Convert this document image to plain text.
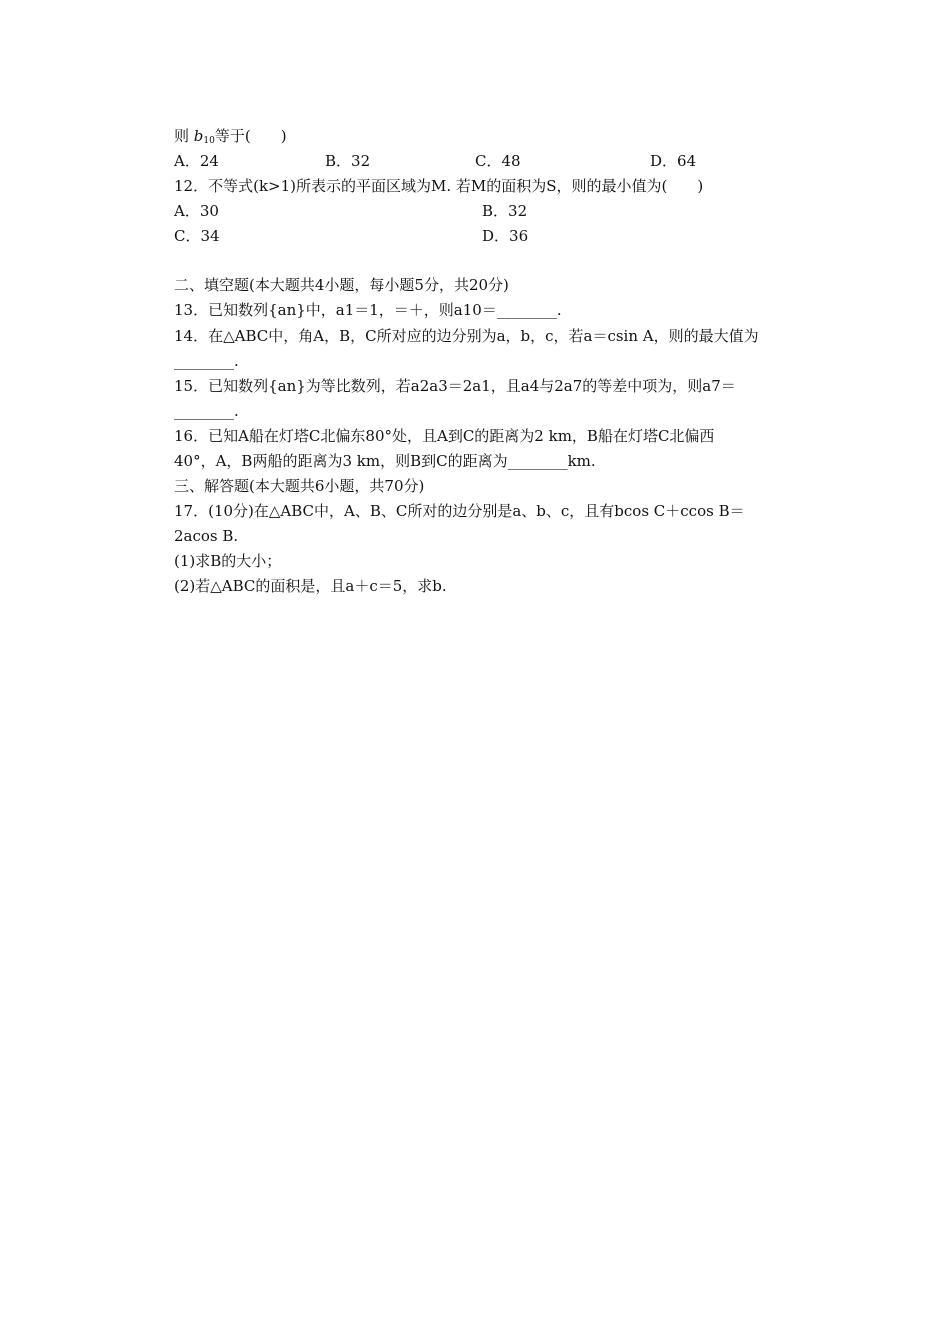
则 $b_{10}$等于(　　)
A．24	B．32	C．48	D．64
12．不等式(k>1)所表示的平面区域为M. 若M的面积为S，则的最小值为(　　)
A．30	B．32
C．34	D．36
二、填空题(本大题共4小题，每小题5分，共20分)
13．已知数列{an}中，a1＝1，＝＋，则a10＝________.
14．在△ABC中，角A，B，C所对应的边分别为a，b，c，若a＝csin A，则的最大值为
________.
15．已知数列{an}为等比数列，若a2a3＝2a1，且a4与2a7的等差中项为，则a7＝
________.
16．已知A船在灯塔C北偏东80°处，且A到C的距离为2 km，B船在灯塔C北偏西
40°，A，B两船的距离为3 km，则B到C的距离为________km.
三、解答题(本大题共6小题，共70分)
17．(10分)在△ABC中，A、B、C所对的边分别是a、b、c，且有bcos C＋ccos B＝
2acos B.
(1)求B的大小；
(2)若△ABC的面积是，且a＋c＝5，求b.
